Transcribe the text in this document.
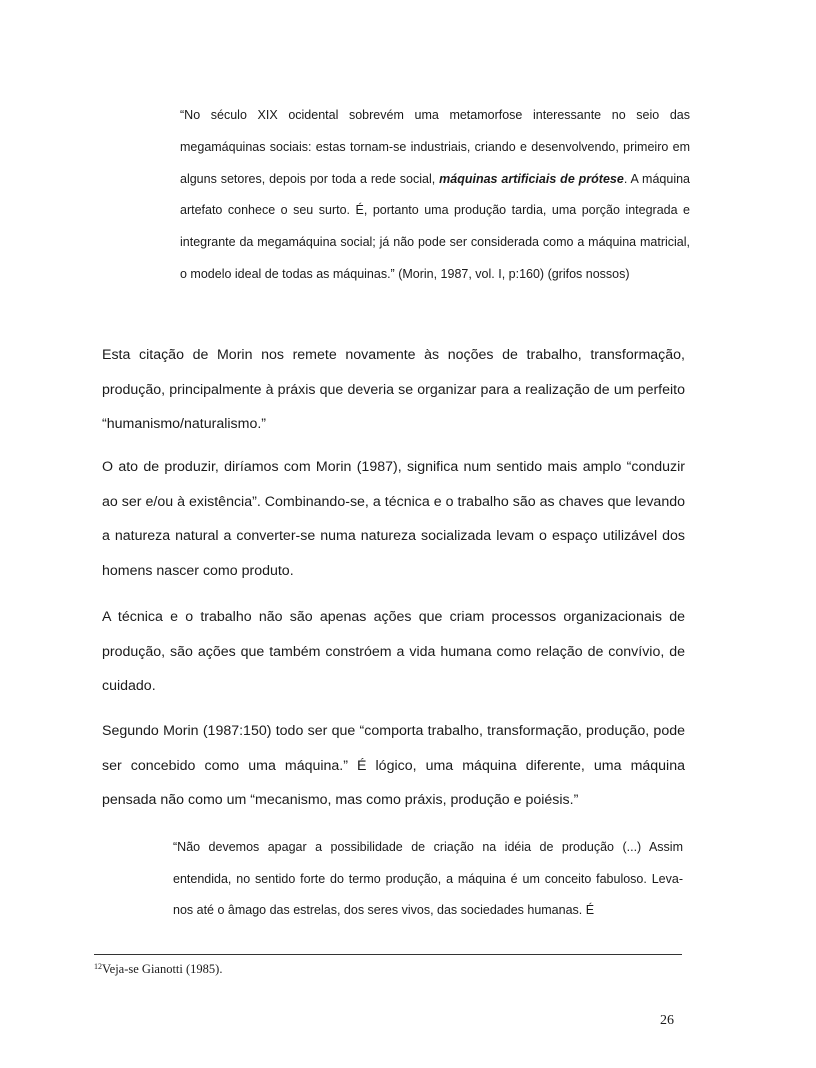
“No século XIX ocidental sobrevém uma metamorfose interessante no seio das megamáquinas sociais: estas tornam-se industriais, criando e desenvolvendo, primeiro em alguns setores, depois por toda a rede social, máquinas artificiais de prótese. A máquina artefato conhece o seu surto. É, portanto uma produção tardia, uma porção integrada e integrante da megamáquina social; já não pode ser considerada como a máquina matricial, o modelo ideal de todas as máquinas.” (Morin, 1987, vol. I, p:160) (grifos nossos)
Esta citação de Morin nos remete novamente às noções de trabalho, transformação, produção, principalmente à práxis que deveria se organizar para a realização de um perfeito “humanismo/naturalismo.”
O ato de produzir, diríamos com Morin (1987), significa num sentido mais amplo “conduzir ao ser e/ou à existência”. Combinando-se, a técnica e o trabalho são as chaves que levando a natureza natural a converter-se numa natureza socializada levam o espaço utilizável dos homens nascer como produto.
A técnica e o trabalho não são apenas ações que criam processos organizacionais de produção, são ações que também constróem a vida humana como relação de convívio, de cuidado.
Segundo Morin (1987:150) todo ser que “comporta trabalho, transformação, produção, pode ser concebido como uma máquina.” É lógico, uma máquina diferente, uma máquina pensada não como um “mecanismo, mas como práxis, produção e poiésis.”
“Não devemos apagar a possibilidade de criação na idéia de produção (...) Assim entendida, no sentido forte do termo produção, a máquina é um conceito fabuloso. Leva-nos até o âmago das estrelas, dos seres vivos, das sociedades humanas. É
$^{12}$Veja-se Gianotti (1985).
26
